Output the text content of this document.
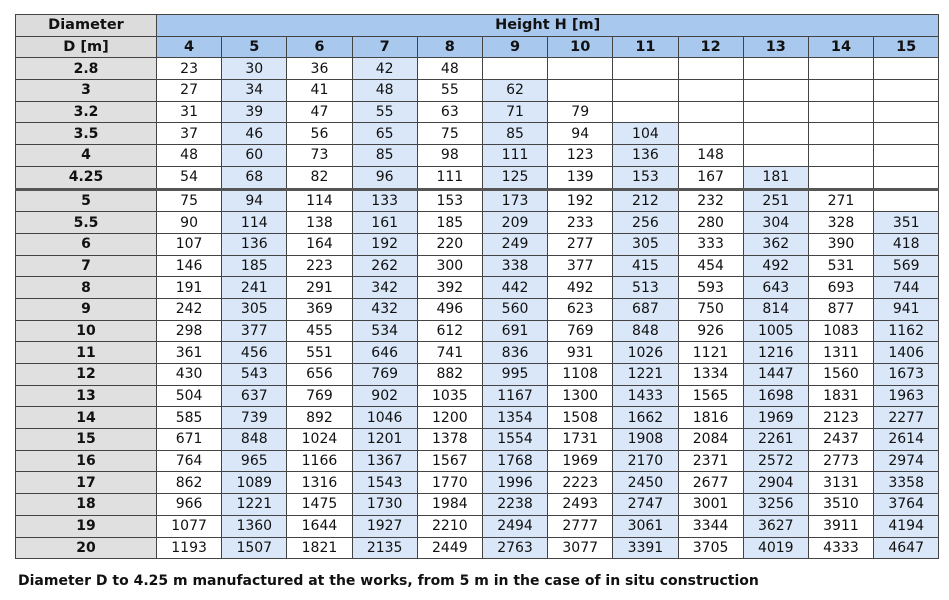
Diameter	Height H [m]											
D [m]	4	5	6	7	8	9	10	11	12	13	14	15
2.8	23	30	36	42	48							
3	27	34	41	48	55	62						
3.2	31	39	47	55	63	71	79					
3.5	37	46	56	65	75	85	94	104				
4	48	60	73	85	98	111	123	136	148			
4.25	54	68	82	96	111	125	139	153	167	181		
5	75	94	114	133	153	173	192	212	232	251	271	
5.5	90	114	138	161	185	209	233	256	280	304	328	351
6	107	136	164	192	220	249	277	305	333	362	390	418
7	146	185	223	262	300	338	377	415	454	492	531	569
8	191	241	291	342	392	442	492	513	593	643	693	744
9	242	305	369	432	496	560	623	687	750	814	877	941
10	298	377	455	534	612	691	769	848	926	1005	1083	1162
11	361	456	551	646	741	836	931	1026	1121	1216	1311	1406
12	430	543	656	769	882	995	1108	1221	1334	1447	1560	1673
13	504	637	769	902	1035	1167	1300	1433	1565	1698	1831	1963
14	585	739	892	1046	1200	1354	1508	1662	1816	1969	2123	2277
15	671	848	1024	1201	1378	1554	1731	1908	2084	2261	2437	2614
16	764	965	1166	1367	1567	1768	1969	2170	2371	2572	2773	2974
17	862	1089	1316	1543	1770	1996	2223	2450	2677	2904	3131	3358
18	966	1221	1475	1730	1984	2238	2493	2747	3001	3256	3510	3764
19	1077	1360	1644	1927	2210	2494	2777	3061	3344	3627	3911	4194
20	1193	1507	1821	2135	2449	2763	3077	3391	3705	4019	4333	4647
Diameter D to 4.25 m manufactured at the works, from 5 m in the case of in situ construction
